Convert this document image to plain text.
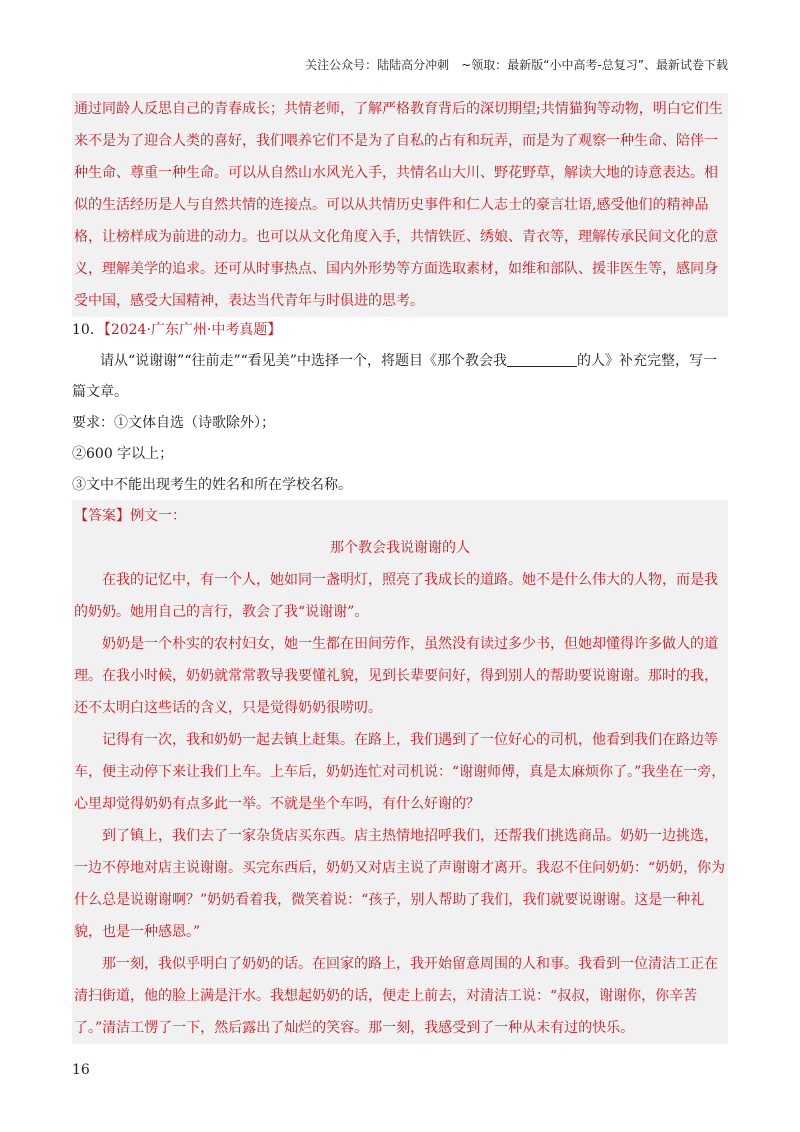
关注公众号：陆陆高分冲刺　~领取：最新版“小中高考-总复习”、最新试卷下载

通过同龄人反思自己的青春成长；共情老师，了解严格教育背后的深切期望;共情猫狗等动物，明白它们生来不是为了迎合人类的喜好，我们喂养它们不是为了自私的占有和玩弄，而是为了观察一种生命、陪伴一种生命、尊重一种生命。可以从自然山水风光入手，共情名山大川、野花野草，解读大地的诗意表达。相似的生活经历是人与自然共情的连接点。可以从共情历史事件和仁人志士的豪言壮语,感受他们的精神品格，让榜样成为前进的动力。也可以从文化角度入手，共情铁匠、绣娘、青衣等，理解传承民间文化的意义，理解美学的追求。还可从时事热点、国内外形势等方面选取素材，如维和部队、援非医生等，感同身受中国，感受大国精神，表达当代青年与时俱进的思考。

10．【2024·广东广州·中考真题】

请从“说谢谢”“往前走”“看见美”中选择一个，将题目《那个教会我	的人》补充完整，写一篇文章。

要求：①文体自选（诗歌除外）；

②600 字以上；

③文中不能出现考生的姓名和所在学校名称。

【答案】例文一：

那个教会我说谢谢的人

在我的记忆中，有一个人，她如同一盏明灯，照亮了我成长的道路。她不是什么伟大的人物，而是我的奶奶。她用自己的言行，教会了我“说谢谢”。

奶奶是一个朴实的农村妇女，她一生都在田间劳作，虽然没有读过多少书，但她却懂得许多做人的道理。在我小时候，奶奶就常常教导我要懂礼貌，见到长辈要问好，得到别人的帮助要说谢谢。那时的我，还不太明白这些话的含义，只是觉得奶奶很唠叨。

记得有一次，我和奶奶一起去镇上赶集。在路上，我们遇到了一位好心的司机，他看到我们在路边等车，便主动停下来让我们上车。上车后，奶奶连忙对司机说：“谢谢师傅，真是太麻烦你了。”我坐在一旁，心里却觉得奶奶有点多此一举。不就是坐个车吗，有什么好谢的？

到了镇上，我们去了一家杂货店买东西。店主热情地招呼我们，还帮我们挑选商品。奶奶一边挑选，一边不停地对店主说谢谢。买完东西后，奶奶又对店主说了声谢谢才离开。我忍不住问奶奶：“奶奶，你为什么总是说谢谢啊？”奶奶看着我，微笑着说：“孩子，别人帮助了我们，我们就要说谢谢。这是一种礼貌，也是一种感恩。”

那一刻，我似乎明白了奶奶的话。在回家的路上，我开始留意周围的人和事。我看到一位清洁工正在清扫街道，他的脸上满是汗水。我想起奶奶的话，便走上前去，对清洁工说：“叔叔，谢谢你，你辛苦了。”清洁工愣了一下，然后露出了灿烂的笑容。那一刻，我感受到了一种从未有过的快乐。

16
